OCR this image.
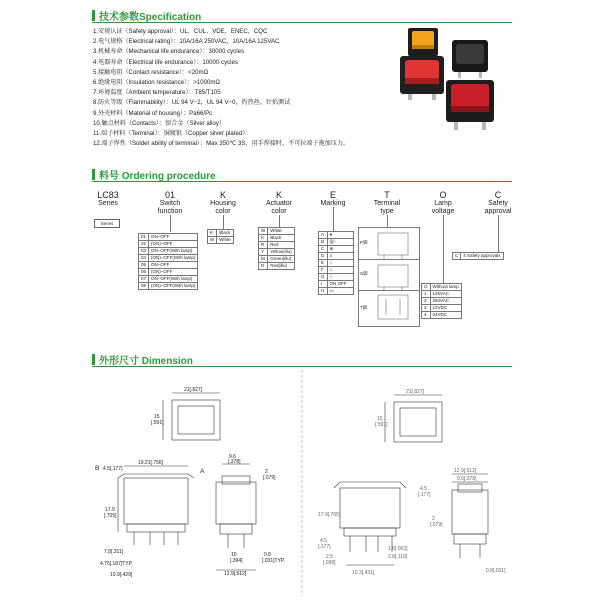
技术参数Specification
1.安规认证（Safety approval）：UL，CUL，VDE，ENEC，CQC
2.电气规格（Electrical rating）：10A/16A 250VAC，10A/16A 125VAC
3.机械寿命（Mechanical life endurance）：30000 cycles
4.电器寿命（Electrical life endurance）：10000 cycles
5.接触电阻（Contact resistance）：<20mΩ
6.绝缘电阻（Insulation resistance）：>1000mΩ
7.环境温度（Ambient temperature）：T85/T105
8.防火等级（Flammability）：UL 94 V−2，UL 94 V−0，灼热丝，针焰测试
9.外壳材料（Material of housing）：Pa66/Pc
10.触点材料（Contacts）：银合金（Silver alloy）
11.端子材料（Terminal）：铜镀银（Copper silver plated）
12.端子焊性（Solder ability of terminal）：Max 350℃ 3S，用手焊接时，不可拉端子拖加压力。
料号 Ordering procedure
LC83
Series
01
Switch
function
K
Housing
color
K
Actuator
color
E
Marking
T
Terminal
type
O
Lamp
voltage
C
Safety
approval
Series
01	ON−OFF
02	(ON)−OFF
03	ON−OFF(With lamp)
04	(ON)−OFF(With lamp)
05	ON−OFF
06	(ON)−OFF
07	ON−OFF(With lamp)
08	(ON)−OFF(With lamp)
K	Black
W	White
W	White
K	Black
R	Red
Y	Yellow(illu)
M	Green(illu)
D	Red(illu)
A	●
B	|||○
C	⊗
D	≡
E	○
F	○
G	○
I	ON OFF
H	▭
P脚
S脚
T脚
O	Without lamp
1	125VAC
2	250VAC
3	12VDC
4	24VDC
C	4 Safety approvals
外形尺寸 Dimension
21[.827]
15
[.591]
B 4.5[.177]
19.21[.756]
17.9
[.705]
7.8[.311]
4.75[.187]TYP.
10.9[.429]
A
9.6
[.378]
2
[.079]
10
[.394]
0.8
[.031]TYP.
12.9[.512]
21[.827]
15
[.591]
4.5
[.177]
17.9[.705]
2.5
[.098]
1.6[.063]
2.8[.110]
10.3[.431]
12.9[.512]
9.6[.378]
2
[.079]
0.8[.031]
4.5
[.177]
